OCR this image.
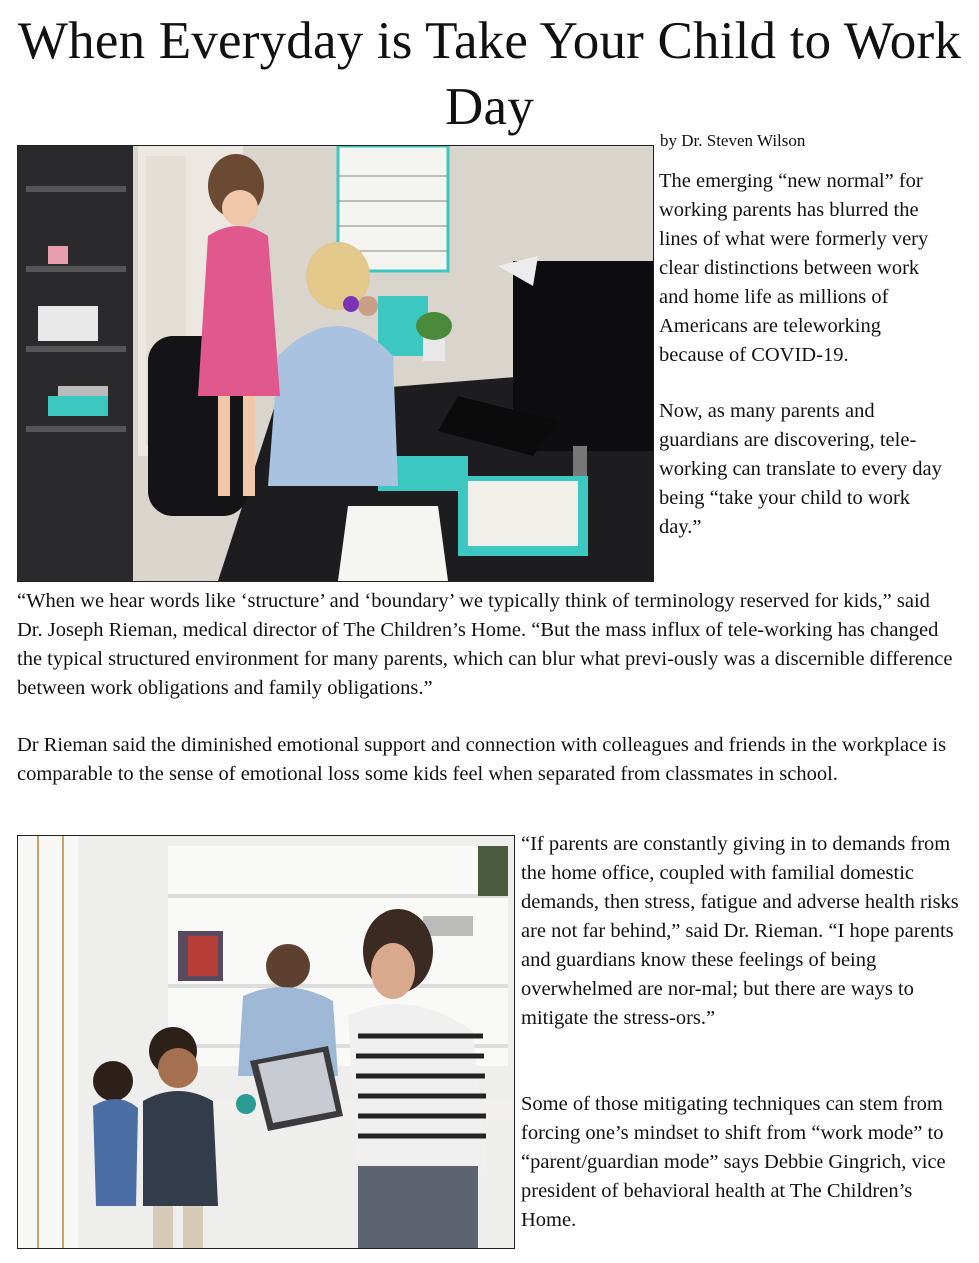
When Everyday is Take Your Child to Work Day
by Dr. Steven Wilson

The emerging “new normal” for working parents has blurred the lines of what were formerly very clear distinctions between work and home life as millions of Americans are teleworking because of COVID-19.

Now, as many parents and guardians are discovering, tele-working can translate to every day being “take your child to work day.”

“When we hear words like ‘structure’ and ‘boundary’ we typically think of terminology reserved for kids,” said Dr. Joseph Rieman, medical director of The Children’s Home. “But the mass influx of tele-working has changed the typical structured environment for many parents, which can blur what previ-ously was a discernible difference between work obligations and family obligations.”

Dr Rieman said the diminished emotional support and connection with colleagues and friends in the workplace is comparable to the sense of emotional loss some kids feel when separated from classmates in school.

“If parents are constantly giving in to demands from the home office, coupled with familial domestic demands, then stress, fatigue and adverse health risks are not far behind,” said Dr. Rieman. “I hope parents and guardians know these feelings of being overwhelmed are nor-mal; but there are ways to mitigate the stress-ors.”

Some of those mitigating techniques can stem from forcing one’s mindset to shift from “work mode” to “parent/guardian mode” says Debbie Gingrich, vice president of behavioral health at The Children’s Home.
